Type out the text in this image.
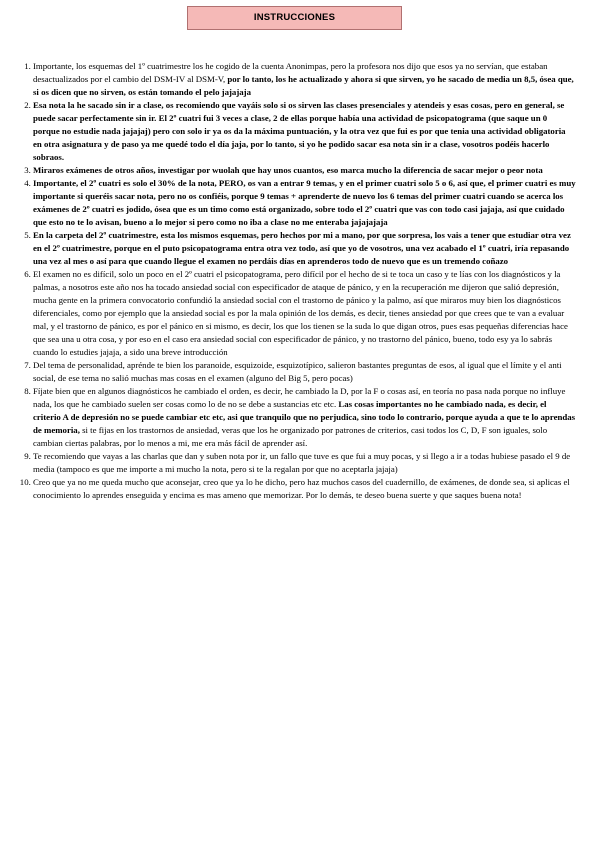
INSTRUCCIONES
1. Importante, los esquemas del 1º cuatrimestre los he cogido de la cuenta Anonimpas, pero la profesora nos dijo que esos ya no servían, que estaban desactualizados por el cambio del DSM-IV al DSM-V, por lo tanto, los he actualizado y ahora si que sirven, yo he sacado de media un 8,5, ósea que, si os dicen que no sirven, os están tomando el pelo jajajaja
2. Esa nota la he sacado sin ir a clase, os recomiendo que vayáis solo si os sirven las clases presenciales y atendeis y esas cosas, pero en general, se puede sacar perfectamente sin ir. El 2º cuatri fui 3 veces a clase, 2 de ellas porque había una actividad de psicopatograma (que saque un 0 porque no estudie nada jajajaj) pero con solo ir ya os da la máxima puntuación, y la otra vez que fui es por que tenia una actividad obligatoria en otra asignatura y de paso ya me quedé todo el día jaja, por lo tanto, si yo he podido sacar esa nota sin ir a clase, vosotros podéis hacerlo sobraos.
3. Miraros exámenes de otros años, investigar por wuolah que hay unos cuantos, eso marca mucho la diferencia de sacar mejor o peor nota
4. Importante, el 2º cuatri es solo el 30% de la nota, PERO, os van a entrar 9 temas, y en el primer cuatri solo 5 o 6, así que, el primer cuatri es muy importante si queréis sacar nota, pero no os confiéis, porque 9 temas + aprenderte de nuevo los 6 temas del primer cuatri cuando se acerca los exámenes de 2º cuatri es jodido, ósea que es un timo como está organizado, sobre todo el 2º cuatri que vas con todo casi jajaja, así que cuidado que esto no te lo avisan, bueno a lo mejor si pero como no iba a clase no me enteraba jajajajaja
5. En la carpeta del 2º cuatrimestre, esta los mismos esquemas, pero hechos por mi a mano, por que sorpresa, los vais a tener que estudiar otra vez en el 2º cuatrimestre, porque en el puto psicopatograma entra otra vez todo, así que yo de vosotros, una vez acabado el 1º cuatri, iría repasando una vez al mes o así para que cuando llegue el examen no perdáis días en aprenderos todo de nuevo que es un tremendo coñazo
6. El examen no es difícil, solo un poco en el 2º cuatri el psicopatograma, pero difícil por el hecho de si te toca un caso y te lías con los diagnósticos y la palmas, a nosotros este año nos ha tocado ansiedad social con especificador de ataque de pánico, y en la recuperación me dijeron que salió depresión, mucha gente en la primera convocatorio confundió la ansiedad social con el trastorno de pánico y la palmo, así que miraros muy bien los diagnósticos diferenciales, como por ejemplo que la ansiedad social es por la mala opinión de los demás, es decir, tienes ansiedad por que crees que te van a evaluar mal, y el trastorno de pánico, es por el pánico en si mismo, es decir, los que los tienen se la suda lo que digan otros, pues esas pequeñas diferencias hace que sea una u otra cosa, y por eso en el caso era ansiedad social con especificador de pánico, y no trastorno del pánico, bueno, todo esy ya lo sabrás cuando lo estudies jajaja, a sido una breve introducción
7. Del tema de personalidad, aprénde te bien los paranoide, esquizoide, esquizotípico, salieron bastantes preguntas de esos, al igual que el límite y el anti social, de ese tema no salió muchas mas cosas en el examen (alguno del Big 5, pero pocas)
8. Fíjate bien que en algunos diagnósticos he cambiado el orden, es decir, he cambiado la D, por la F o cosas así, en teoría no pasa nada porque no influye nada, los que he cambiado suelen ser cosas como lo de no se debe a sustancias etc etc. Las cosas importantes no he cambiado nada, es decir, el criterio A de depresión no se puede cambiar etc etc, asi que tranquilo que no perjudica, sino todo lo contrario, porque ayuda a que te lo aprendas de memoria, si te fijas en los trastornos de ansiedad, veras que los he organizado por patrones de criterios, casi todos los C, D, F son iguales, solo cambian ciertas palabras, por lo menos a mi, me era más fácil de aprender así.
9. Te recomiendo que vayas a las charlas que dan y suben nota por ir, un fallo que tuve es que fui a muy pocas, y si llego a ir a todas hubiese pasado el 9 de media (tampoco es que me importe a mi mucho la nota, pero si te la regalan por que no aceptarla jajaja)
10. Creo que ya no me queda mucho que aconsejar, creo que ya lo he dicho, pero haz muchos casos del cuadernillo, de exámenes, de donde sea, si aplicas el conocimiento lo aprendes enseguida y encima es mas ameno que memorizar. Por lo demás, te deseo buena suerte y que saques buena nota!
